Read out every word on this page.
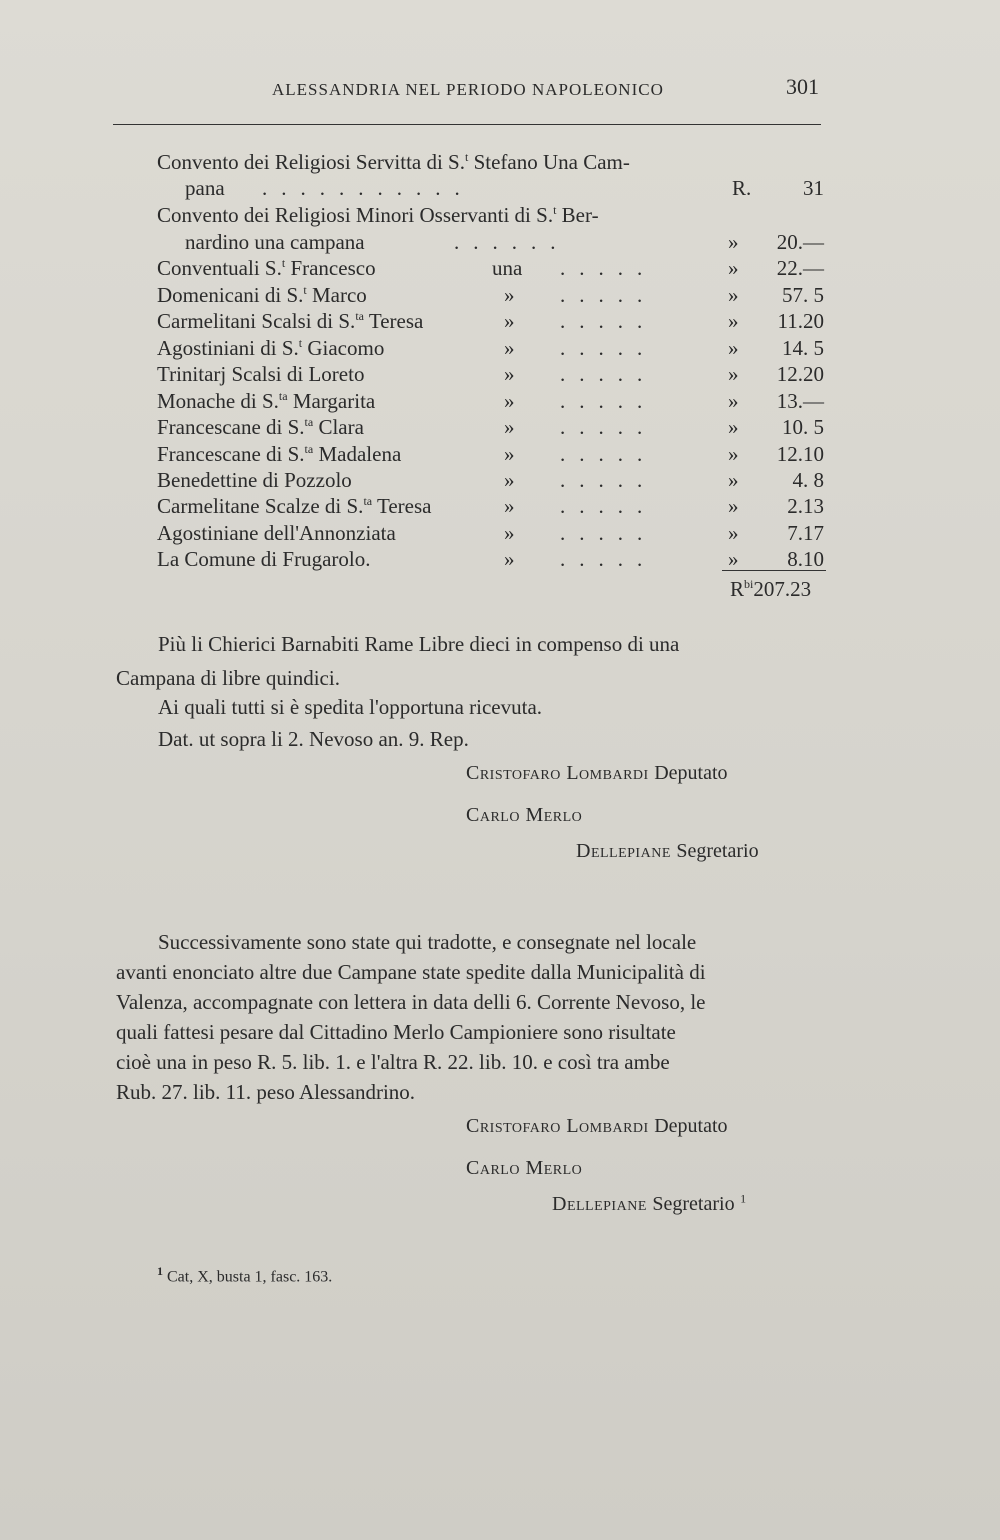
ALESSANDRIA NEL PERIODO NAPOLEONICO	301
Convento dei Religiosi Servitta di S.$^t$ Stefano Una Cam-
pana ...........	R.	31
Convento dei Religiosi Minori Osservanti di S.$^t$ Ber-
nardino una campana	......	»	20.—
Conventuali S.$^t$ Francesco	una .....	»	22.—
Domenicani di S.$^t$ Marco	» .....	»	57. 5
Carmelitani Scalsi di S.$^{ta}$ Teresa	» .....	»	11.20
Agostiniani di S.$^t$ Giacomo	» .....	»	14. 5
Trinitarj Scalsi di Loreto	» .....	»	12.20
Monache di S.$^{ta}$ Margarita	» .....	»	13.—
Francescane di S.$^{ta}$ Clara	» .....	»	10. 5
Francescane di S.$^{ta}$ Madalena	» .....	»	12.10
Benedettine di Pozzolo	» .....	»	4. 8
Carmelitane Scalze di S.$^{ta}$ Teresa	» .....	»	2.13
Agostiniane dell'Annonziata	» .....	»	7.17
La Comune di Frugarolo.	» .....	»	8.10
$R^{bi}207.23$
Più li Chierici Barnabiti Rame Libre dieci in compenso di una
Campana di libre quindici.
Ai quali tutti si è spedita l'opportuna ricevuta.
Dat. ut sopra li 2. Nevoso an. 9. Rep.
Cristofaro Lombardi Deputato
Carlo Merlo
Dellepiane Segretario
Successivamente sono state qui tradotte, e consegnate nel locale
avanti enonciato altre due Campane state spedite dalla Municipalità di
Valenza, accompagnate con lettera in data delli 6. Corrente Nevoso, le
quali fattesi pesare dal Cittadino Merlo Campioniere sono risultate
cioè una in peso R. 5. lib. 1. e l'altra R. 22. lib. 10. e così tra ambe
Rub. 27. lib. 11. peso Alessandrino.
Cristofaro Lombardi Deputato
Carlo Merlo
Dellepiane Segretario $^1$
$^1$ Cat, X, busta 1, fasc. 163.
